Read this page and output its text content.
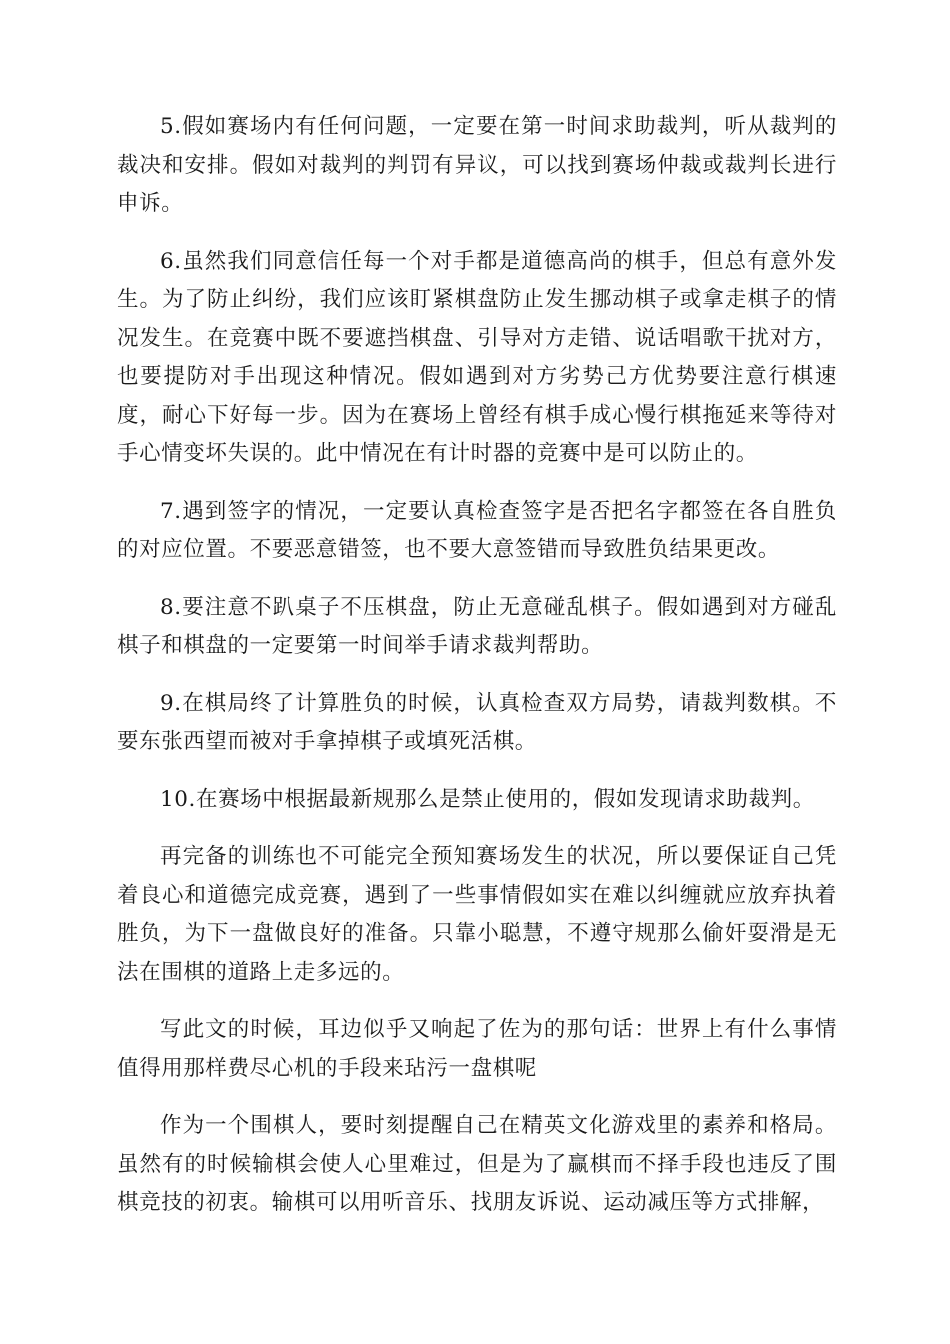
5.假如赛场内有任何问题，一定要在第一时间求助裁判，听从裁判的裁决和安排。假如对裁判的判罚有异议，可以找到赛场仲裁或裁判长进行申诉。

6.虽然我们同意信任每一个对手都是道德高尚的棋手，但总有意外发生。为了防止纠纷，我们应该盯紧棋盘防止发生挪动棋子或拿走棋子的情况发生。在竞赛中既不要遮挡棋盘、引导对方走错、说话唱歌干扰对方，也要提防对手出现这种情况。假如遇到对方劣势己方优势要注意行棋速度，耐心下好每一步。因为在赛场上曾经有棋手成心慢行棋拖延来等待对手心情变坏失误的。此中情况在有计时器的竞赛中是可以防止的。

7.遇到签字的情况，一定要认真检查签字是否把名字都签在各自胜负的对应位置。不要恶意错签，也不要大意签错而导致胜负结果更改。

8.要注意不趴桌子不压棋盘，防止无意碰乱棋子。假如遇到对方碰乱棋子和棋盘的一定要第一时间举手请求裁判帮助。

9.在棋局终了计算胜负的时候，认真检查双方局势，请裁判数棋。不要东张西望而被对手拿掉棋子或填死活棋。

10.在赛场中根据最新规那么是禁止使用的，假如发现请求助裁判。

再完备的训练也不可能完全预知赛场发生的状况，所以要保证自己凭着良心和道德完成竞赛，遇到了一些事情假如实在难以纠缠就应放弃执着胜负，为下一盘做良好的准备。只靠小聪慧，不遵守规那么偷奸耍滑是无法在围棋的道路上走多远的。

写此文的时候，耳边似乎又响起了佐为的那句话：世界上有什么事情值得用那样费尽心机的手段来玷污一盘棋呢

作为一个围棋人，要时刻提醒自己在精英文化游戏里的素养和格局。虽然有的时候输棋会使人心里难过，但是为了赢棋而不择手段也违反了围棋竞技的初衷。输棋可以用听音乐、找朋友诉说、运动减压等方式排解，
